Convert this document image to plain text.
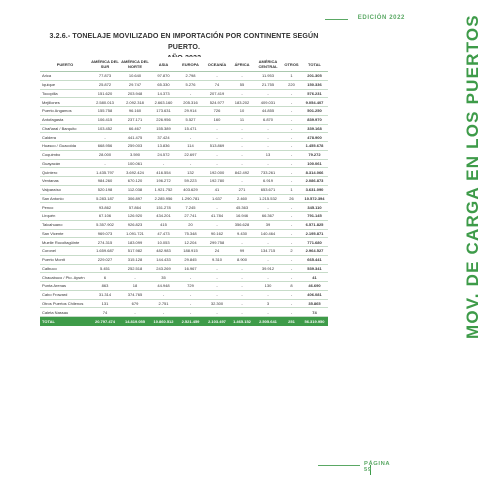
EDICIÓN 2022
3.2.6.- TONELAJE MOVILIZADO EN IMPORTACIÓN POR CONTINENTE SEGÚN PUERTO.
PUERTO	AMÉRICA DEL SUR	AMÉRICA DEL NORTE	ASIA	EUROPA	OCEANÍA	ÁFRICA	AMÉRICA CENTRAL	OTROS	TOTAL
Arica	77.873	10.640	97.870	2.798	-	-	11.953	1	201.305
Iquique	25.872	29.747	65.330	5.276	74	55	21.755	220	150.336
Tocopilla	151.620	203.948	14.373	-	207.419	-	-	-	576.231
Mejillones	2.580.013	2.092.318	2.663.160	205.316	524.977	183.202	409.031	-	9.054.407
Puerto Angamos	155.758	96.160	173.631	29.914	726	10	44.855	-	501.250
Antofagasta	106.415	237.171	226.956	5.527	160	11	6.870	-	839.970
Chañaral / Barquito	103.452	66.467	155.389	15.471	-	-	-	-	339.168
Caldera	-	441.475	37.424	-	-	-	-	-	478.900
Huasco / Guacolda	668.956	259.003	13.836	114	513.869	-	-	-	1.455.678
Coquimbo	28.000	3.590	24.572	22.697	-	-	13	-	79.272
Guayacán	-	100.061	-	-	-	-	-	-	100.061
Quintero	1.435.797	3.692.424	416.554	132	192.000	842.492	733.261	-	8.314.066
Ventanas	984.260	670.120	196.272	59.223	192.780	-	6.919	-	2.086.873
Valparaíso	520.198	112.038	1.921.752	403.629	41	271	653.671	1	3.631.090
San Antonio	5.283.187	306.897	2.285.956	1.290.781	1.637	2.460	1.215.532	26	10.572.394
Penco	93.862	57.864	151.278	7.245	-	45.363	-	-	345.110
Lirquén	67.106	126.920	434.201	27.741	41.784	16.946	66.367	-	791.145
Talcahuano	5.357.902	926.823	415	20	-	356.628	39	-	6.571.825
San Vicente	969.073	1.091.721	47.473	75.348	90.162	9.430	140.464	-	2.195.871
Muelle Rocoltagüinte	274.315	183.099	10.053	12.204	299.758	-	-	-	771.680
Coronel	1.659.687	517.982	482.983	188.915	24	99	134.715	2	2.964.527
Puerto Montt	229.027	315.128	144.433	29.845	9.310	8.900	-	-	665.441
Calbuco	5.451	252.518	243.269	16.967	-	-	39.912	-	539.341
Chacabuco / Pto. Aysén	6	-	35	-	-	-	-	-	41
Punta Arenas	863	18	44.948	729	-	-	130	8	46.690
Cabo Froward	31.314	374.765	-	-	-	-	-	-	406.081
Otros Puertos Chilenos	131	679	2.751	-	32.300	-	3	-	35.865
Caleta Nassau	74	-	-	-	-	-	-	-	74
TOTAL	20.797.474	14.819.055	10.860.512	2.521.459	2.103.497	1.465.152	2.505.641	251	56.319.950	MOV. DE CARGA EN LOS PUERTOS
PÁGINA 59
